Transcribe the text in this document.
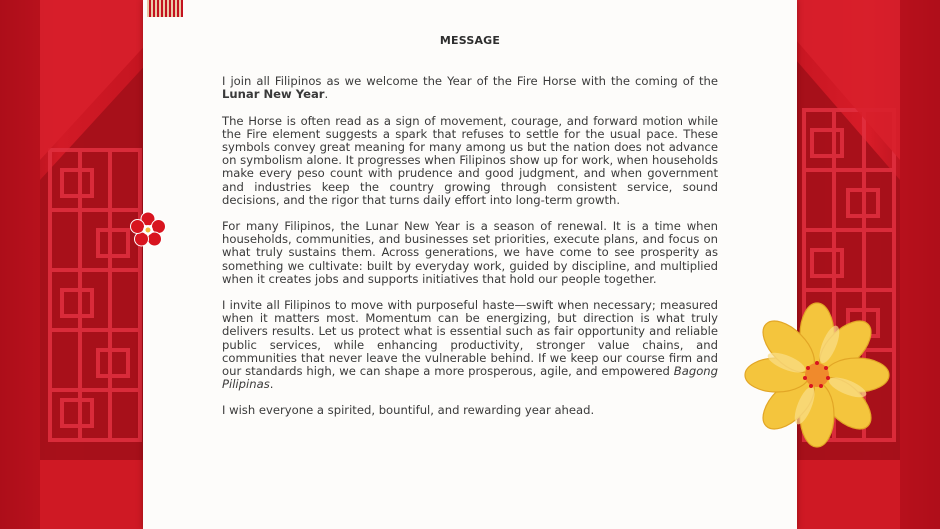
MESSAGE

I join all Filipinos as we welcome the Year of the Fire Horse with the coming of the Lunar New Year.

The Horse is often read as a sign of movement, courage, and forward motion while the Fire element suggests a spark that refuses to settle for the usual pace. These symbols convey great meaning for many among us but the nation does not advance on symbolism alone. It progresses when Filipinos show up for work, when households make every peso count with prudence and good judgment, and when government and industries keep the country growing through consistent service, sound decisions, and the rigor that turns daily effort into long-term growth.

For many Filipinos, the Lunar New Year is a season of renewal. It is a time when households, communities, and businesses set priorities, execute plans, and focus on what truly sustains them. Across generations, we have come to see prosperity as something we cultivate: built by everyday work, guided by discipline, and multiplied when it creates jobs and supports initiatives that hold our people together.

I invite all Filipinos to move with purposeful haste—swift when necessary; measured when it matters most. Momentum can be energizing, but direction is what truly delivers results. Let us protect what is essential such as fair opportunity and reliable public services, while enhancing productivity, stronger value chains, and communities that never leave the vulnerable behind. If we keep our course firm and our standards high, we can shape a more prosperous, agile, and empowered Bagong Pilipinas.

I wish everyone a spirited, bountiful, and rewarding year ahead.
